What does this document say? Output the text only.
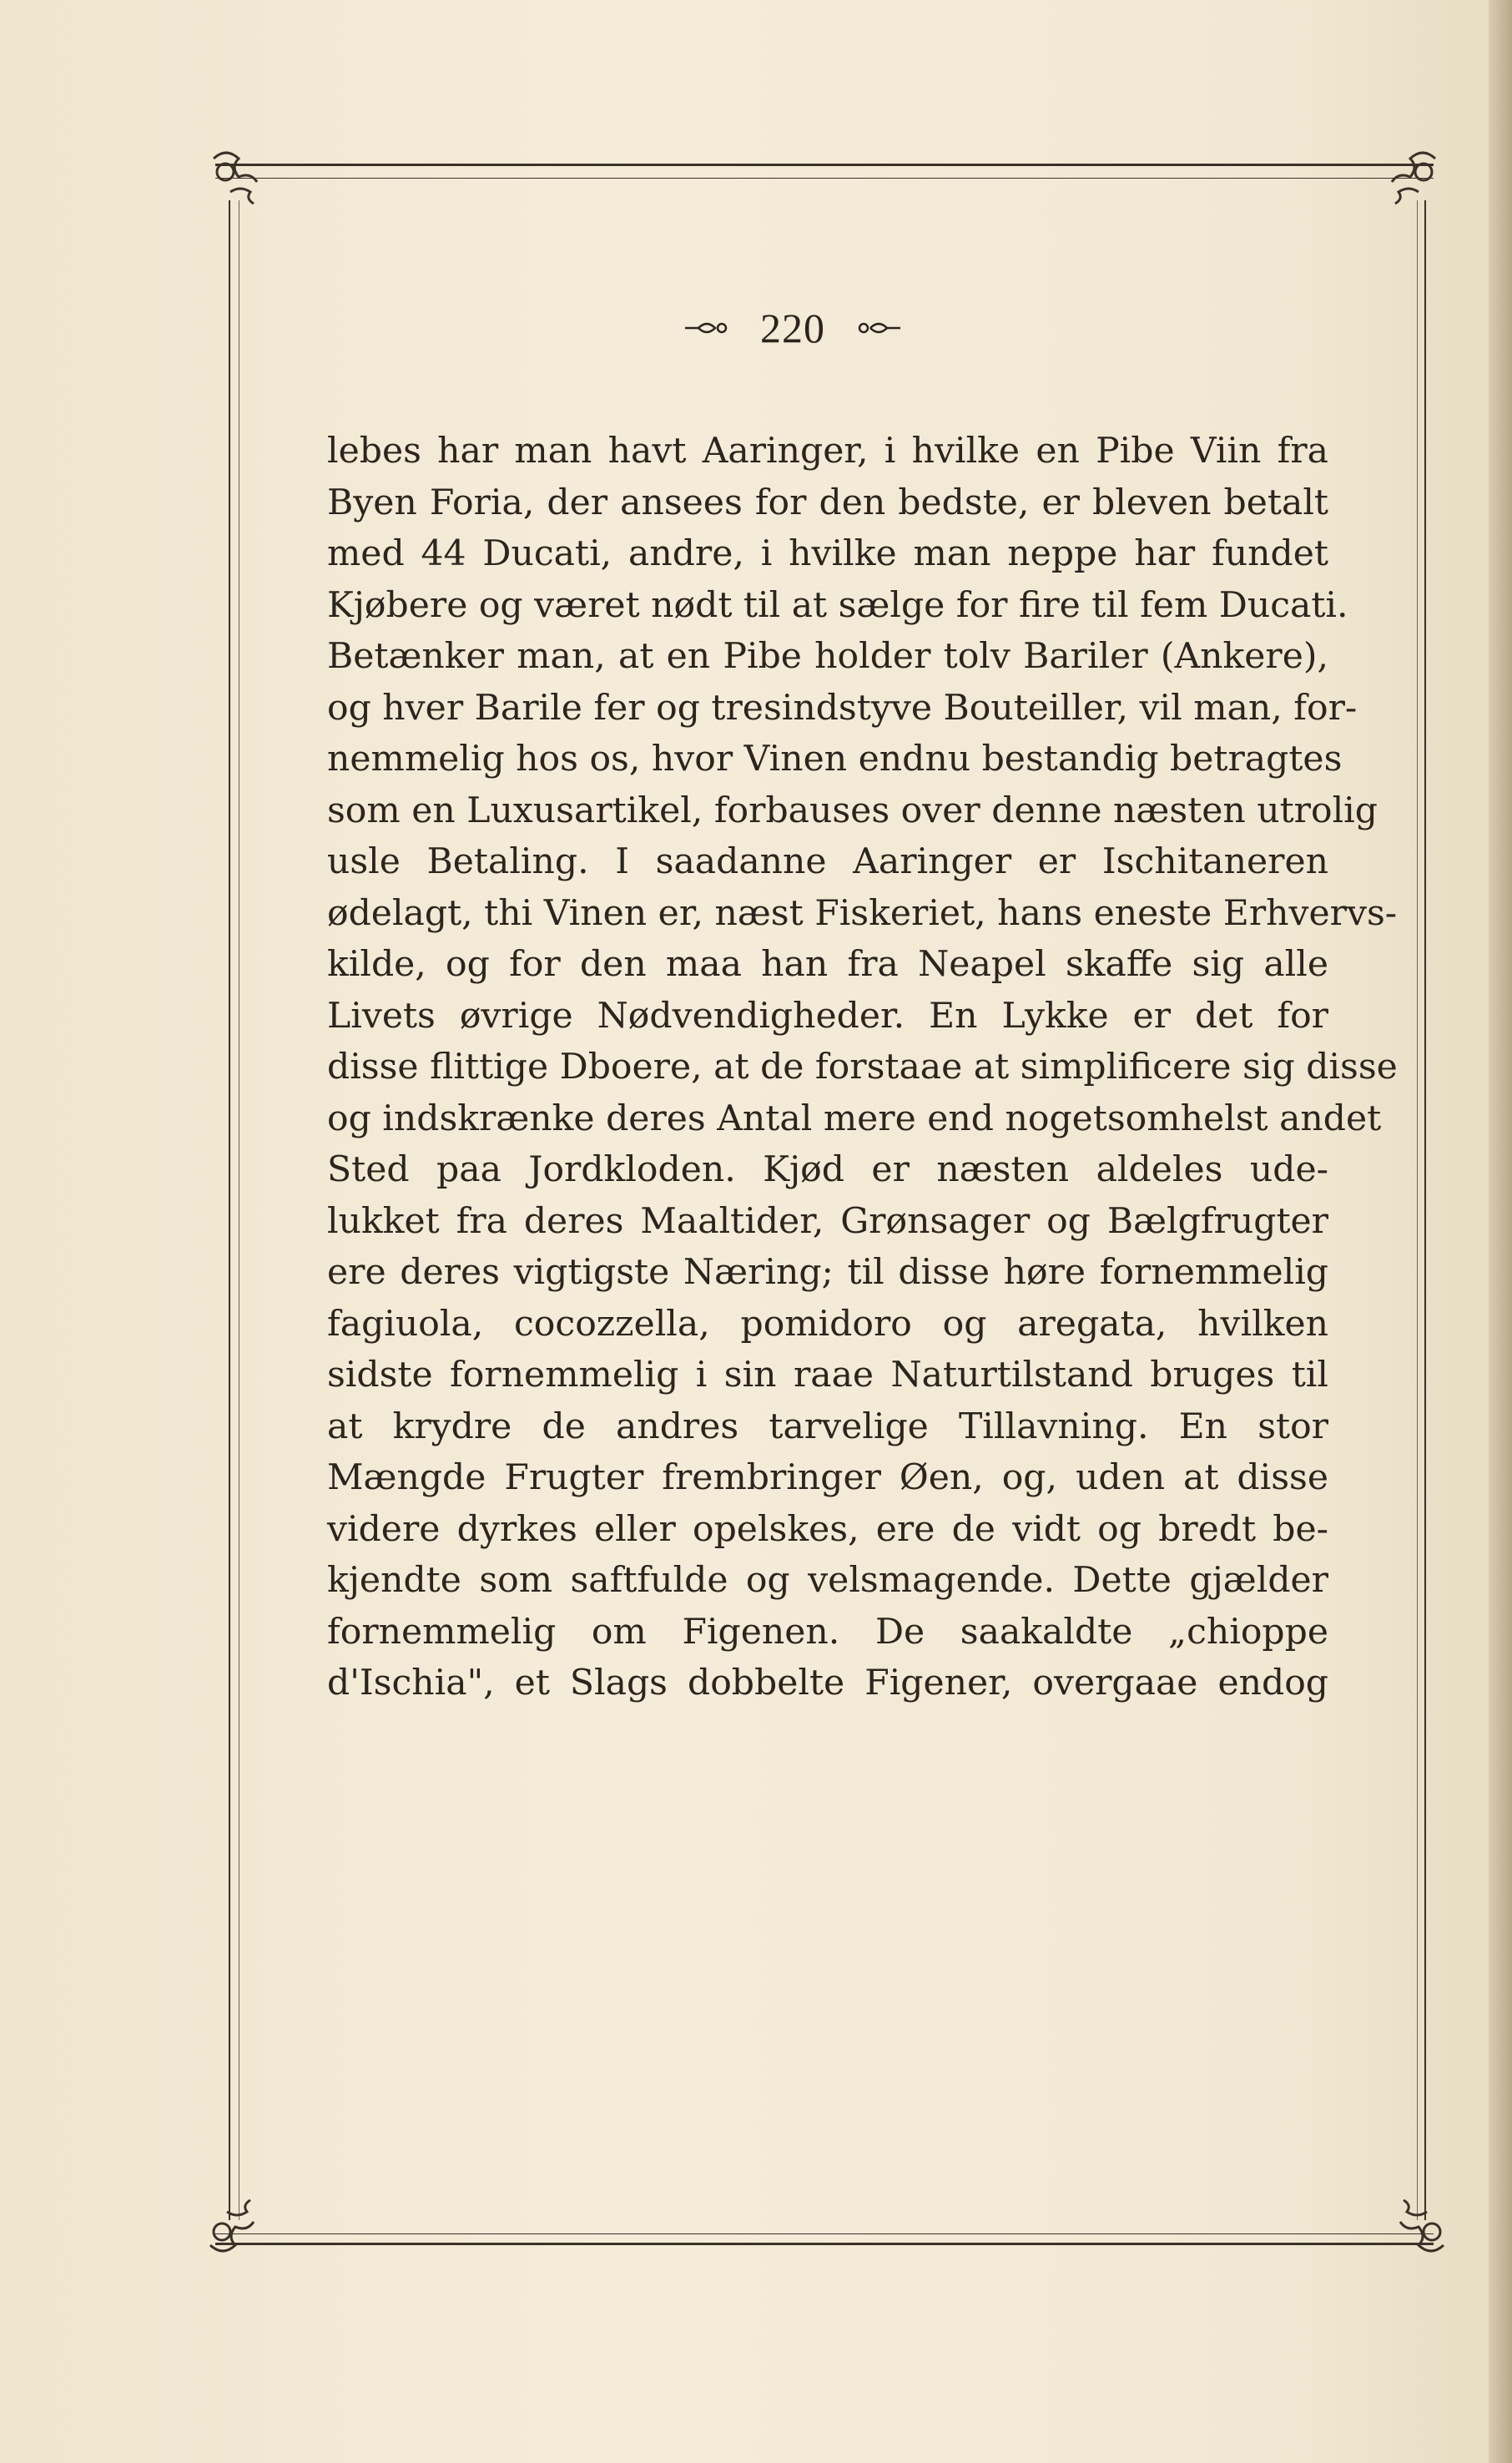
220
lebes har man havt Aaringer, i hvilke en Pibe Viin fra
Byen Foria, der ansees for den bedste, er bleven betalt
med 44 Ducati, andre, i hvilke man neppe har fundet
Kjøbere og været nødt til at sælge for fire til fem Ducati.
Betænker man, at en Pibe holder tolv Bariler (Ankere),
og hver Barile fer og tresindstyve Bouteiller, vil man, for-
nemmelig hos os, hvor Vinen endnu bestandig betragtes
som en Luxusartikel, forbauses over denne næsten utrolig
usle Betaling. I saadanne Aaringer er Ischitaneren
ødelagt, thi Vinen er, næst Fiskeriet, hans eneste Erhvervs-
kilde, og for den maa han fra Neapel skaffe sig alle
Livets øvrige Nødvendigheder. En Lykke er det for
disse flittige Dboere, at de forstaae at simplificere sig disse
og indskrænke deres Antal mere end nogetsomhelst andet
Sted paa Jordkloden. Kjød er næsten aldeles ude-
lukket fra deres Maaltider, Grønsager og Bælgfrugter
ere deres vigtigste Næring; til disse høre fornemmelig
fagiuola, cocozzella, pomidoro og aregata, hvilken
sidste fornemmelig i sin raae Naturtilstand bruges til
at krydre de andres tarvelige Tillavning. En stor
Mængde Frugter frembringer Øen, og, uden at disse
videre dyrkes eller opelskes, ere de vidt og bredt be-
kjendte som saftfulde og velsmagende. Dette gjælder
fornemmelig om Figenen. De saakaldte „chioppe
d'Ischia", et Slags dobbelte Figener, overgaae endog
